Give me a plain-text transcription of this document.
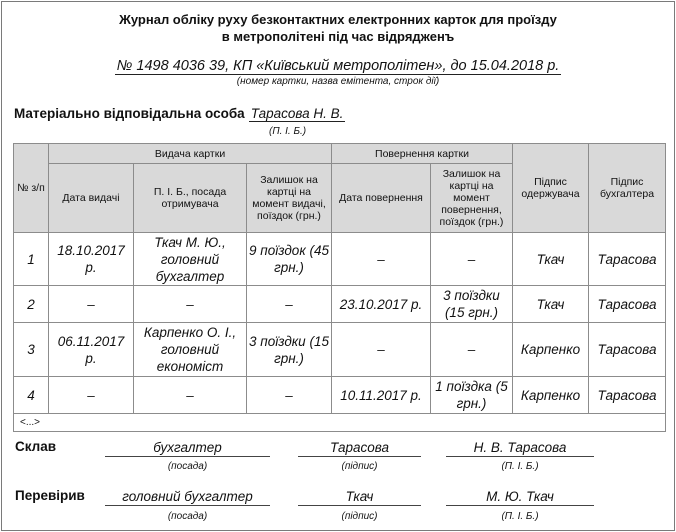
Журнал обліку руху безконтактних електронних карток для проїзду
в метрополітені під час відрядженъ
№ 1498 4036 39, КП «Київський метрополітен», до 15.04.2018 р.
(номер картки, назва емітента, строк дії)
Матеріально відповідальна особа Тарасова Н. В.
(П. І. Б.)
№ з/п	Видача картки			Повернення картки		Підпис одержувача	Підпис бухгалтера
	Дата видачі	П. І. Б., посада отримувача	Залишок на картці на момент видачі, поїздок (грн.)	Дата повернення	Залишок на картці на момент повернення, поїздок (грн.)		
1	18.10.2017 р.	Ткач М. Ю., головний бухгалтер	9 поїздок (45 грн.)	–	–	Ткач	Тарасова
2	–	–	–	23.10.2017 р.	3 поїздки (15 грн.)	Ткач	Тарасова
3	06.11.2017 р.	Карпенко О. І., головний економіст	3 поїздки (15 грн.)	–	–	Карпенко	Тарасова
4	–	–	–	10.11.2017 р.	1 поїздка (5 грн.)	Карпенко	Тарасова
<...>							
Склав	бухгалтер	Тарасова	Н. В. Тарасова
(посада)	(підпис)	(П. І. Б.)
Перевірив	головний бухгалтер	Ткач	М. Ю. Ткач
(посада)	(підпис)	(П. І. Б.)
